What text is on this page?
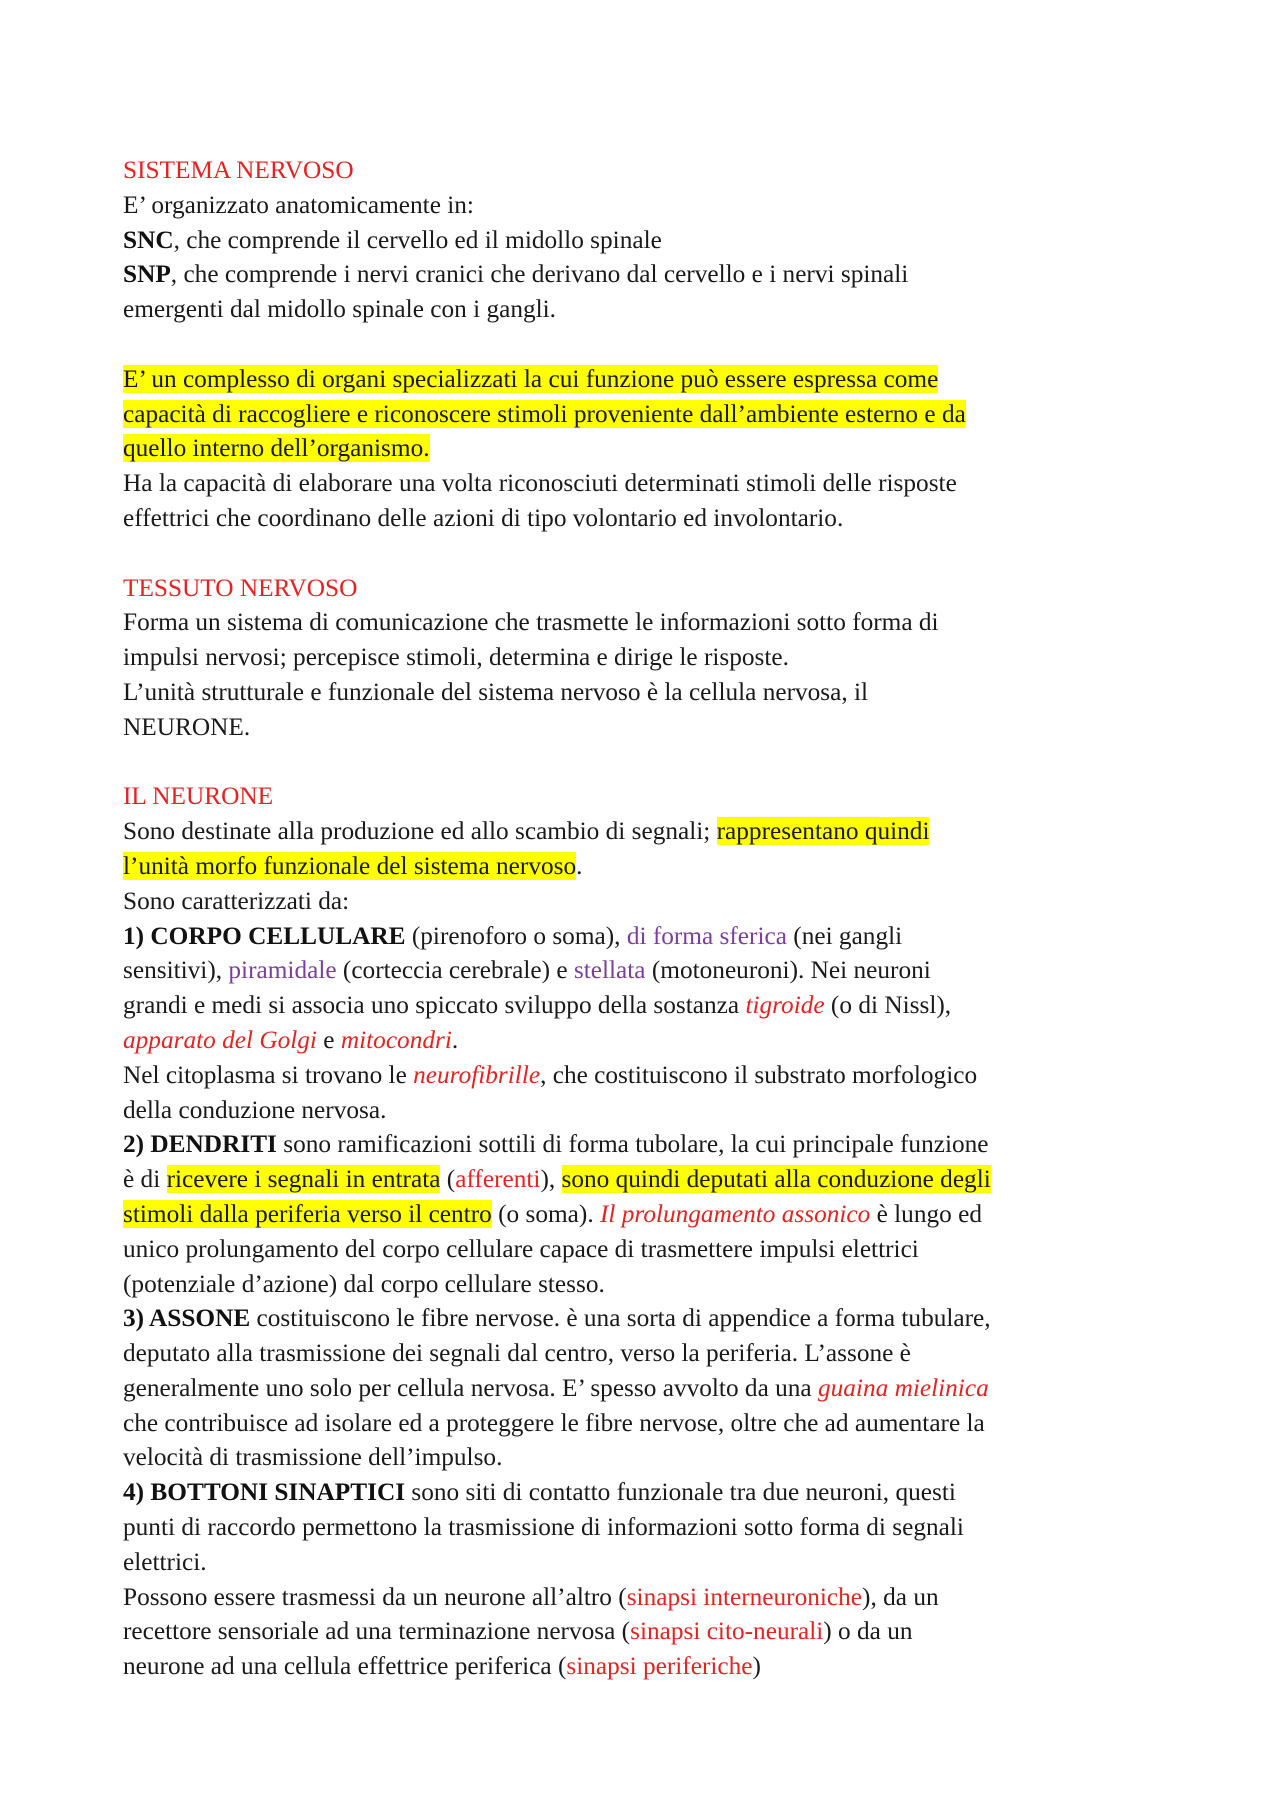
SISTEMA NERVOSO

E’ organizzato anatomicamente in:

SNC, che comprende il cervello ed il midollo spinale

SNP, che comprende i nervi cranici che derivano dal cervello e i nervi spinali

emergenti dal midollo spinale con i gangli.

E’ un complesso di organi specializzati la cui funzione può essere espressa come

capacità di raccogliere e riconoscere stimoli proveniente dall’ambiente esterno e da

quello interno dell’organismo.

Ha la capacità di elaborare una volta riconosciuti determinati stimoli delle risposte

effettrici che coordinano delle azioni di tipo volontario ed involontario.

TESSUTO NERVOSO

Forma un sistema di comunicazione che trasmette le informazioni sotto forma di

impulsi nervosi; percepisce stimoli, determina e dirige le risposte.

L’unità strutturale e funzionale del sistema nervoso è la cellula nervosa, il

NEURONE.

IL NEURONE

Sono destinate alla produzione ed allo scambio di segnali; rappresentano quindi

l’unità morfo funzionale del sistema nervoso.

Sono caratterizzati da:

1) CORPO CELLULARE (pirenoforo o soma), di forma sferica (nei gangli

sensitivi), piramidale (corteccia cerebrale) e stellata (motoneuroni). Nei neuroni

grandi e medi si associa uno spiccato sviluppo della sostanza tigroide (o di Nissl),

apparato del Golgi e mitocondri.

Nel citoplasma si trovano le neurofibrille, che costituiscono il substrato morfologico

della conduzione nervosa.

2) DENDRITI sono ramificazioni sottili di forma tubolare, la cui principale funzione

è di ricevere i segnali in entrata (afferenti), sono quindi deputati alla conduzione degli

stimoli dalla periferia verso il centro (o soma). Il prolungamento assonico è lungo ed

unico prolungamento del corpo cellulare capace di trasmettere impulsi elettrici

(potenziale d’azione) dal corpo cellulare stesso.

3) ASSONE costituiscono le fibre nervose. è una sorta di appendice a forma tubulare,

deputato alla trasmissione dei segnali dal centro, verso la periferia. L’assone è

generalmente uno solo per cellula nervosa. E’ spesso avvolto da una guaina mielinica

che contribuisce ad isolare ed a proteggere le fibre nervose, oltre che ad aumentare la

velocità di trasmissione dell’impulso.

4) BOTTONI SINAPTICI sono siti di contatto funzionale tra due neuroni, questi

punti di raccordo permettono la trasmissione di informazioni sotto forma di segnali

elettrici.

Possono essere trasmessi da un neurone all’altro (sinapsi interneuroniche), da un

recettore sensoriale ad una terminazione nervosa (sinapsi cito-neurali) o da un

neurone ad una cellula effettrice periferica (sinapsi periferiche)
